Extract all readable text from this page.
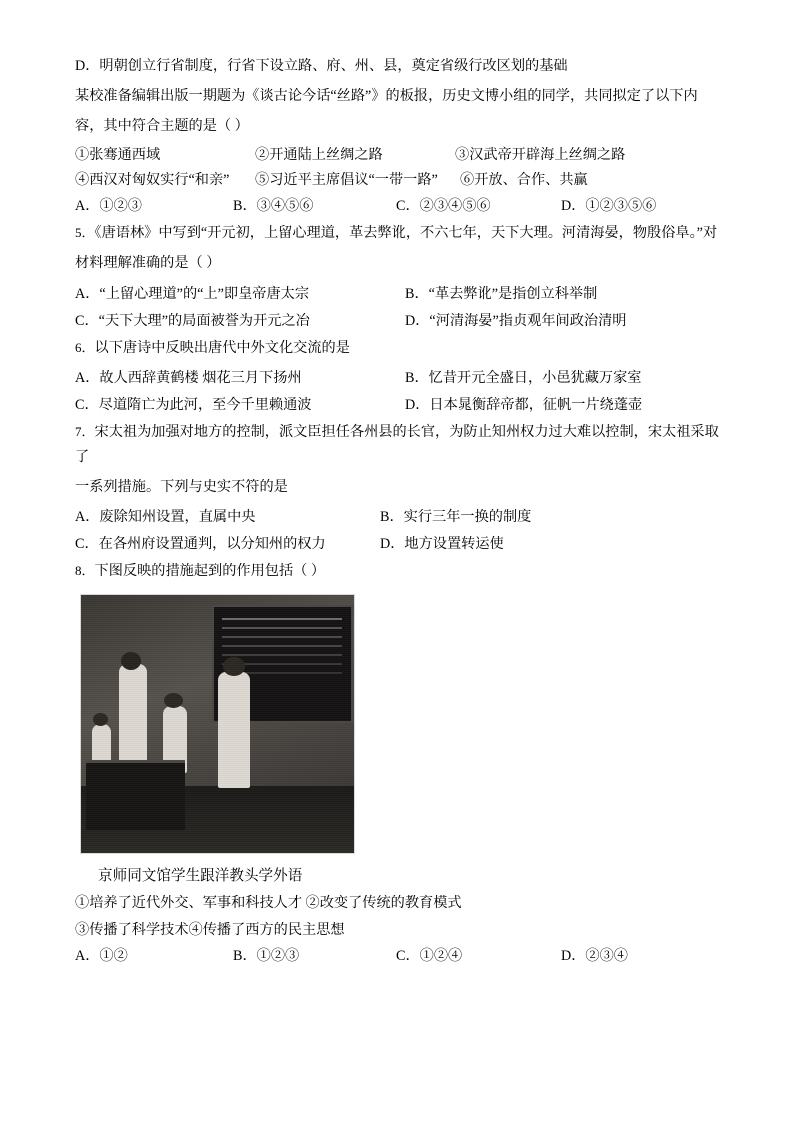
D．明朝创立行省制度，行省下设立路、府、州、县，奠定省级行改区划的基础
某校准备编辑出版一期题为《谈古论今话“丝路”》的板报，历史文博小组的同学，共同拟定了以下内
容，其中符合主题的是（ ）
①张骞通西域	②开通陆上丝绸之路	③汉武帝开辟海上丝绸之路
④西汉对匈奴实行“和亲”	⑤习近平主席倡议“一带一路”	⑥开放、合作、共赢
A．①②③	B．③④⑤⑥	C．②③④⑤⑥	D．①②③⑤⑥
5．《唐语林》中写到“开元初，上留心理道，革去弊讹，不六七年，天下大理。河清海晏，物殷俗阜。”对
材料理解准确的是（ ）
A．“上留心理道”的“上”即皇帝唐太宗	B．“革去弊讹”是指创立科举制
C．“天下大理”的局面被誉为开元之冶	D．“河清海晏”指贞观年间政治清明
6．以下唐诗中反映出唐代中外文化交流的是
A．故人西辞黄鹤楼 烟花三月下扬州	B．忆昔开元全盛日，小邑犹藏万家室
C．尽道隋亡为此河，至今千里赖通波	D．日本晁衡辞帝都，征帆一片绕蓬壶
7．宋太祖为加强对地方的控制，派文臣担任各州县的长官，为防止知州权力过大难以控制，宋太祖采取了
一系列措施。下列与史实不符的是
A．废除知州设置，直属中央	B．实行三年一换的制度
C．在各州府设置通判，以分知州的权力	D．地方设置转运使
8．下图反映的措施起到的作用包括（ ）
京师同文馆学生跟洋教头学外语
①培养了近代外交、军事和科技人才 ②改变了传统的教育模式
③传播了科学技术④传播了西方的民主思想
A．①②	B．①②③	C．①②④	D．②③④
